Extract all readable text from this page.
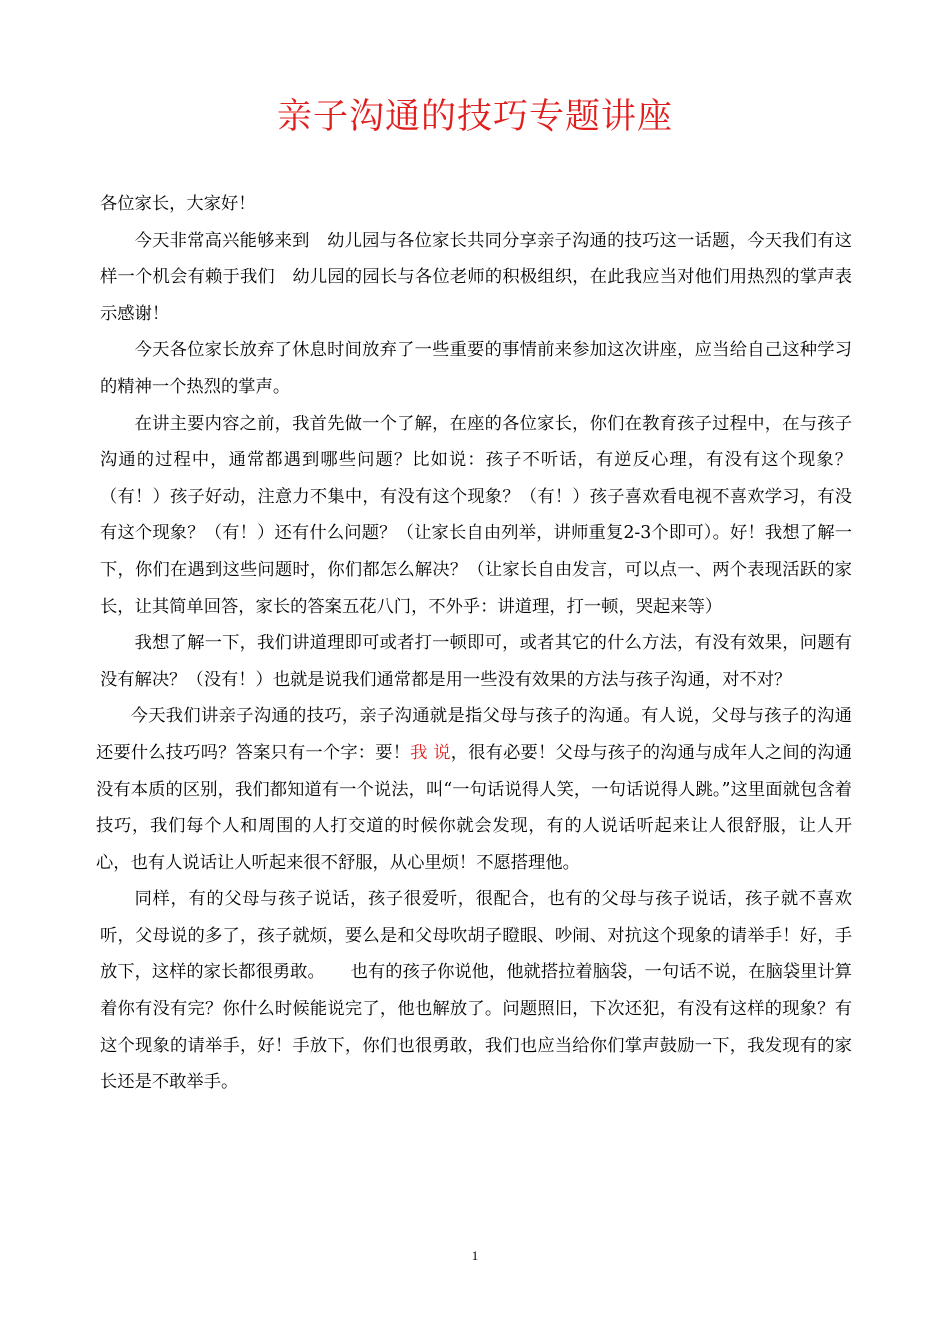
亲子沟通的技巧专题讲座

各位家长，大家好！

今天非常高兴能够来到　幼儿园与各位家长共同分享亲子沟通的技巧这一话题，今天我们有这样一个机会有赖于我们　幼儿园的园长与各位老师的积极组织，在此我应当对他们用热烈的掌声表示感谢！

今天各位家长放弃了休息时间放弃了一些重要的事情前来参加这次讲座，应当给自己这种学习的精神一个热烈的掌声。

在讲主要内容之前，我首先做一个了解，在座的各位家长，你们在教育孩子过程中，在与孩子沟通的过程中，通常都遇到哪些问题？比如说：孩子不听话，有逆反心理，有没有这个现象？（有！）孩子好动，注意力不集中，有没有这个现象？（有！）孩子喜欢看电视不喜欢学习，有没有这个现象？（有！）还有什么问题？（让家长自由列举，讲师重复2-3个即可）。好！我想了解一下，你们在遇到这些问题时，你们都怎么解决？（让家长自由发言，可以点一、两个表现活跃的家长，让其简单回答，家长的答案五花八门，不外乎：讲道理，打一顿，哭起来等）

我想了解一下，我们讲道理即可或者打一顿即可，或者其它的什么方法，有没有效果，问题有没有解决？（没有！）也就是说我们通常都是用一些没有效果的方法与孩子沟通，对不对？

今天我们讲亲子沟通的技巧，亲子沟通就是指父母与孩子的沟通。有人说，父母与孩子的沟通还要什么技巧吗？答案只有一个字：要！我 说，很有必要！父母与孩子的沟通与成年人之间的沟通没有本质的区别，我们都知道有一个说法，叫“一句话说得人笑，一句话说得人跳。”这里面就包含着技巧，我们每个人和周围的人打交道的时候你就会发现，有的人说话听起来让人很舒服，让人开心，也有人说话让人听起来很不舒服，从心里烦！不愿搭理他。

同样，有的父母与孩子说话，孩子很爱听，很配合，也有的父母与孩子说话，孩子就不喜欢听，父母说的多了，孩子就烦，要么是和父母吹胡子瞪眼、吵闹、对抗这个现象的请举手！好，手放下，这样的家长都很勇敢。　　也有的孩子你说他，他就搭拉着脑袋，一句话不说，在脑袋里计算着你有没有完？你什么时候能说完了，他也解放了。问题照旧，下次还犯，有没有这样的现象？有这个现象的请举手，好！手放下，你们也很勇敢，我们也应当给你们掌声鼓励一下，我发现有的家长还是不敢举手。

1
